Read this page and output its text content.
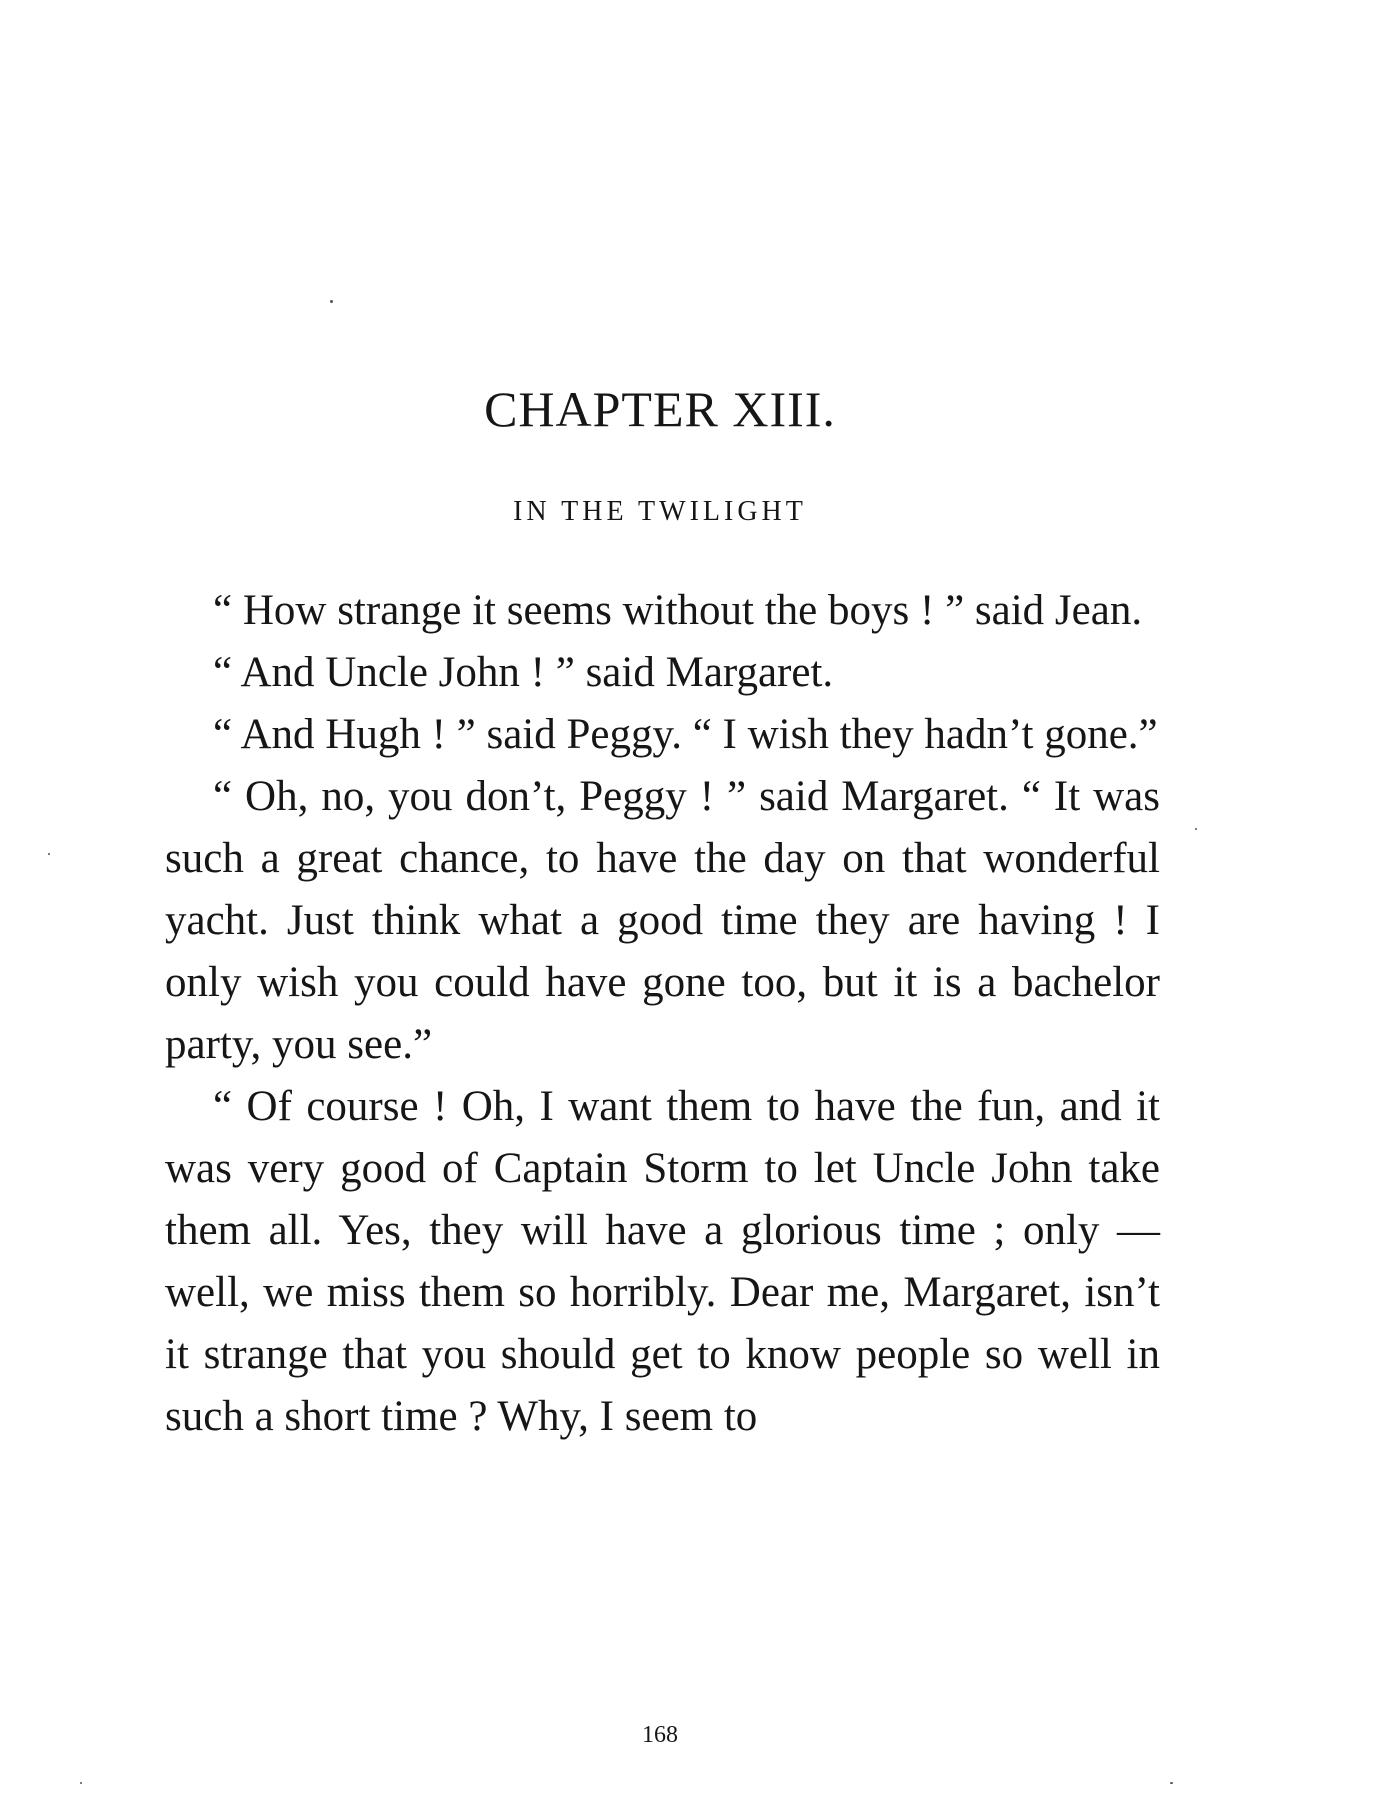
CHAPTER XIII.
IN THE TWILIGHT

“ How strange it seems without the boys ! ” said Jean.

“ And Uncle John ! ” said Margaret.

“ And Hugh ! ” said Peggy. “ I wish they hadn’t gone.”

“ Oh, no, you don’t, Peggy ! ” said Margaret. “ It was such a great chance, to have the day on that wonderful yacht. Just think what a good time they are having ! I only wish you could have gone too, but it is a bachelor party, you see.”

“ Of course ! Oh, I want them to have the fun, and it was very good of Captain Storm to let Uncle John take them all. Yes, they will have a glorious time ; only — well, we miss them so horribly. Dear me, Margaret, isn’t it strange that you should get to know people so well in such a short time ? Why, I seem to

168
